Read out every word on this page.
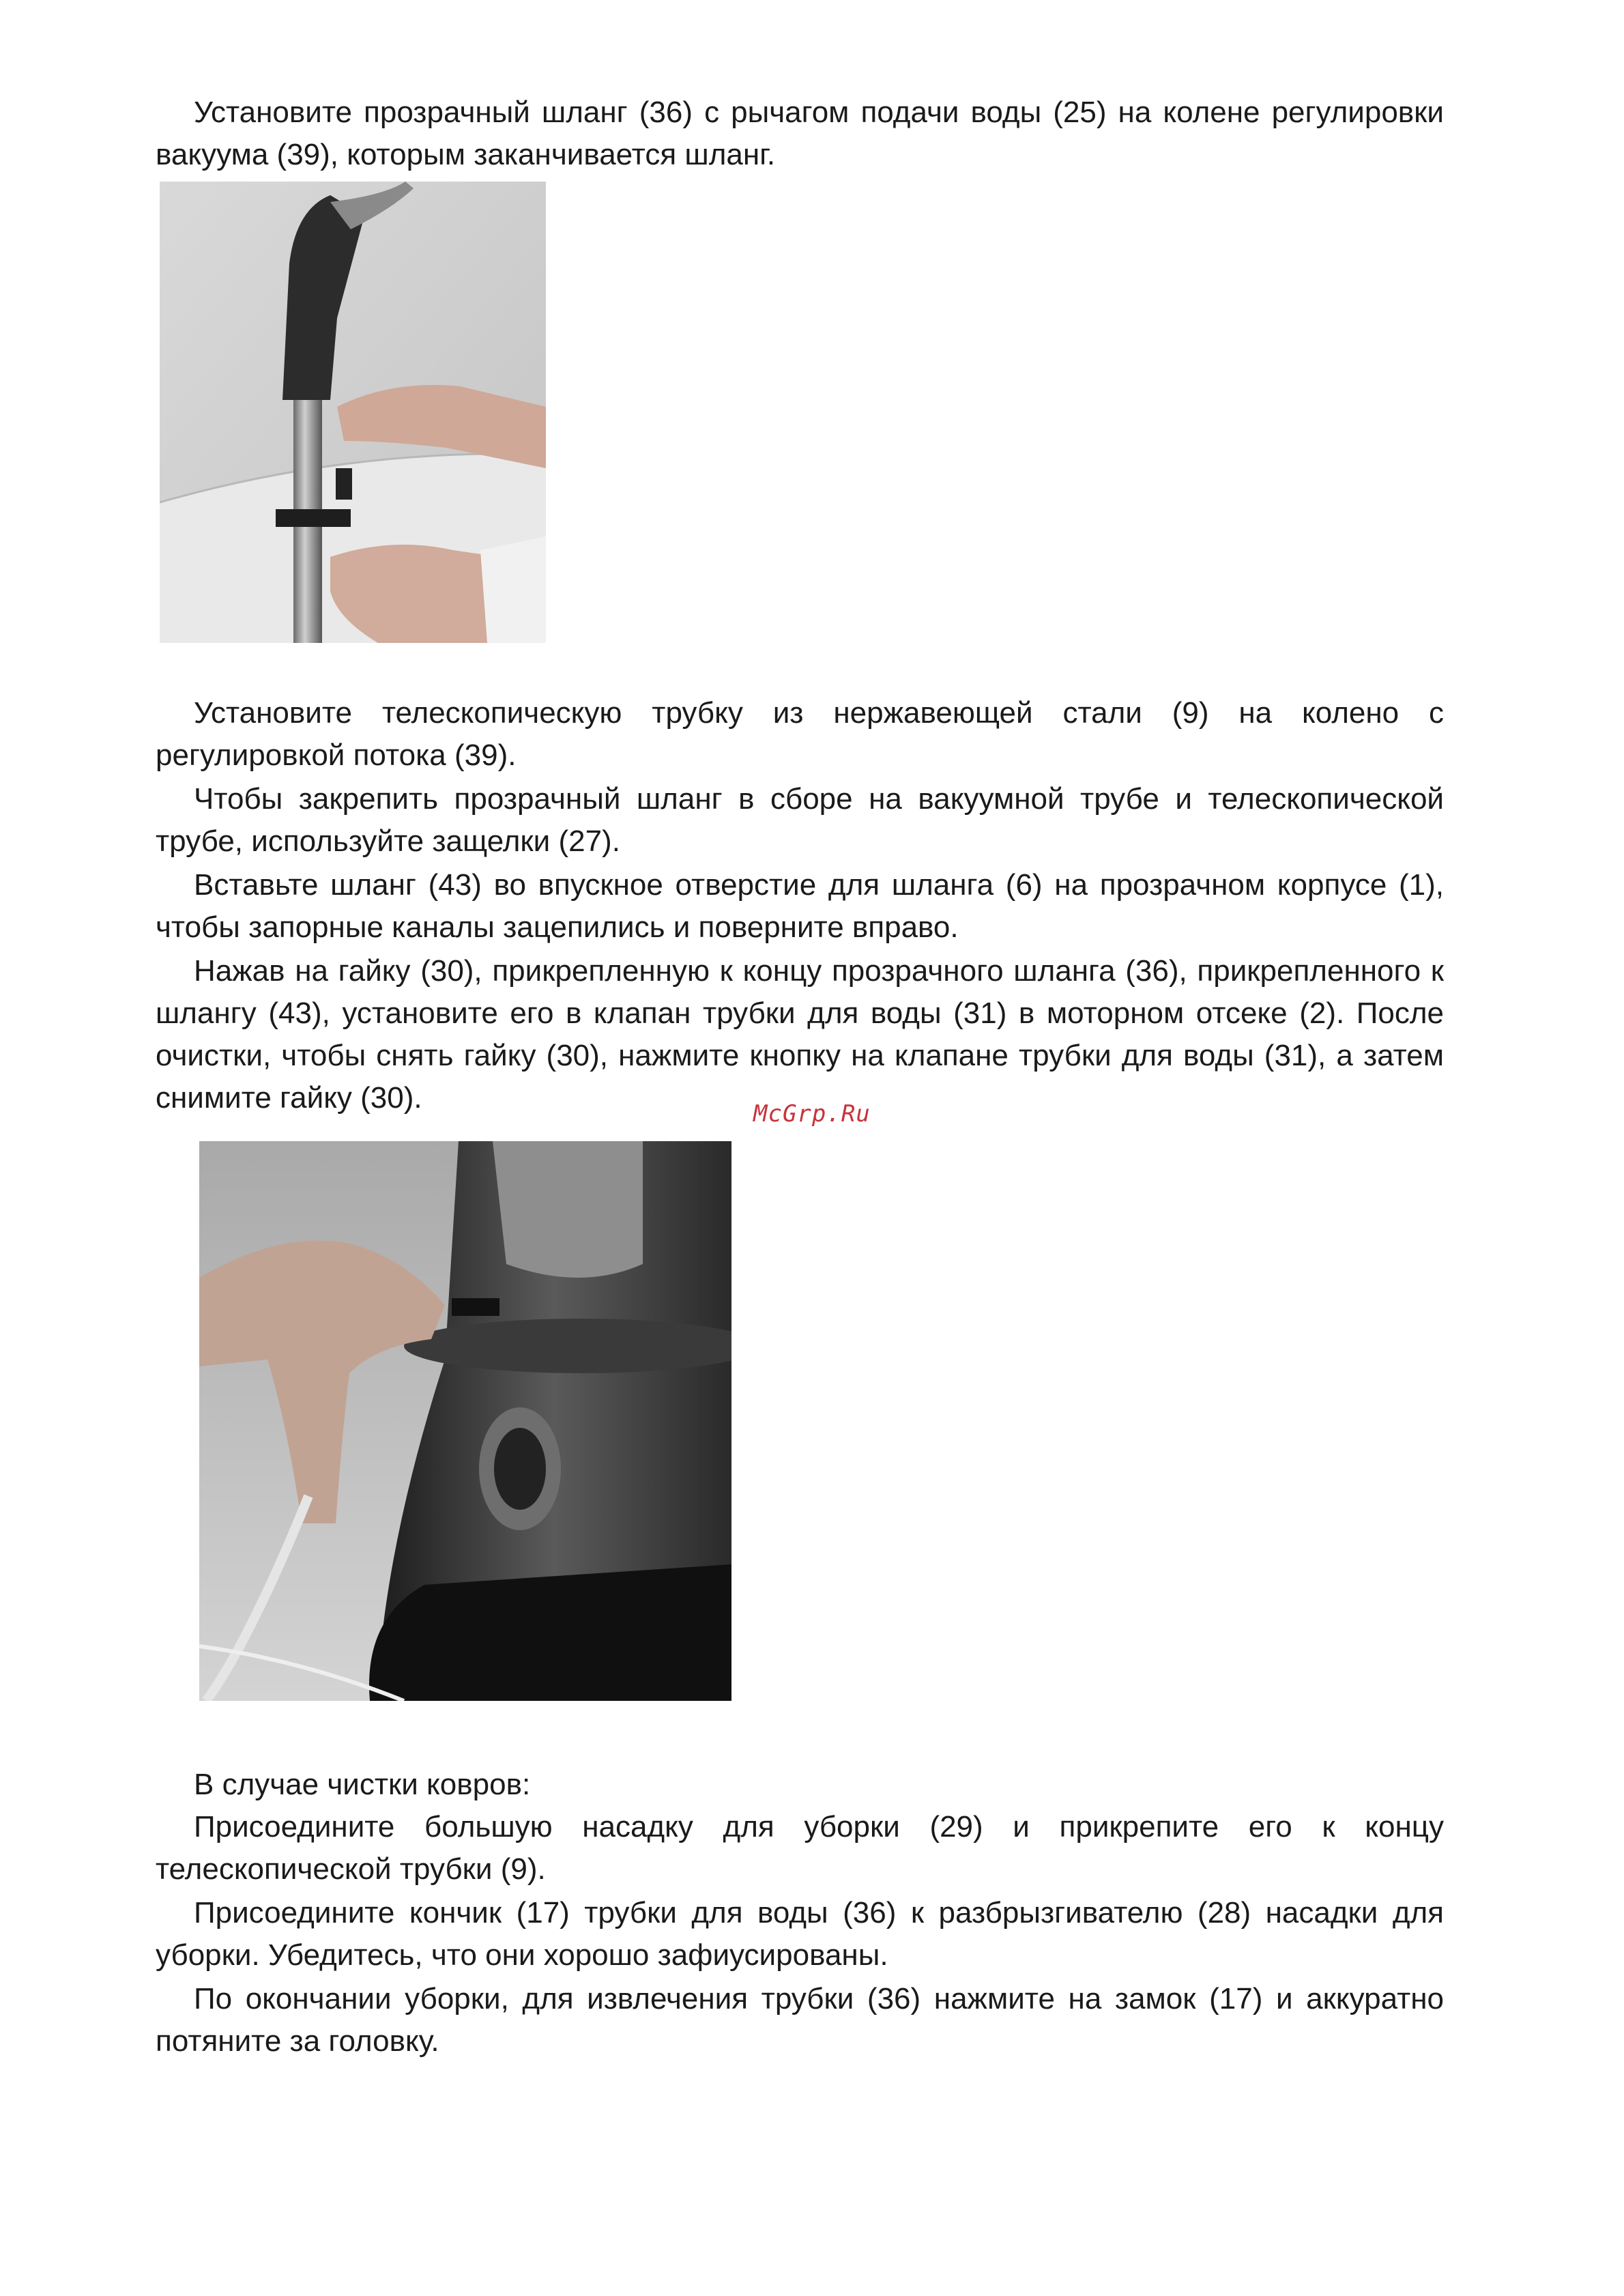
Установите прозрачный шланг (36) с рычагом подачи воды (25) на колене регулировки вакуума (39), которым заканчивается шланг.

Установите телескопическую трубку из нержавеющей стали (9) на колено с регулировкой потока (39).

Чтобы закрепить прозрачный шланг в сборе на вакуумной трубе и телескопической трубе, используйте защелки (27).

Вставьте шланг (43) во впускное отверстие для шланга (6) на прозрачном корпусе (1), чтобы запорные каналы зацепились и поверните вправо.

Нажав на гайку (30), прикрепленную к концу прозрачного шланга (36), прикрепленного к шлангу (43), установите его в клапан трубки для воды (31) в моторном отсеке (2). После очистки, чтобы снять гайку (30), нажмите кнопку на клапане трубки для воды (31), а затем снимите гайку (30).	McGrp.Ru

В случае чистки ковров:

Присоедините большую насадку для уборки (29) и прикрепите его к концу телескопической трубки (9).

Присоедините кончик (17) трубки для воды (36) к разбрызгивателю (28) насадки для уборки. Убедитесь, что они хорошо зафиусированы.

По окончании уборки, для извлечения трубки (36) нажмите на замок (17) и аккуратно потяните за головку.
